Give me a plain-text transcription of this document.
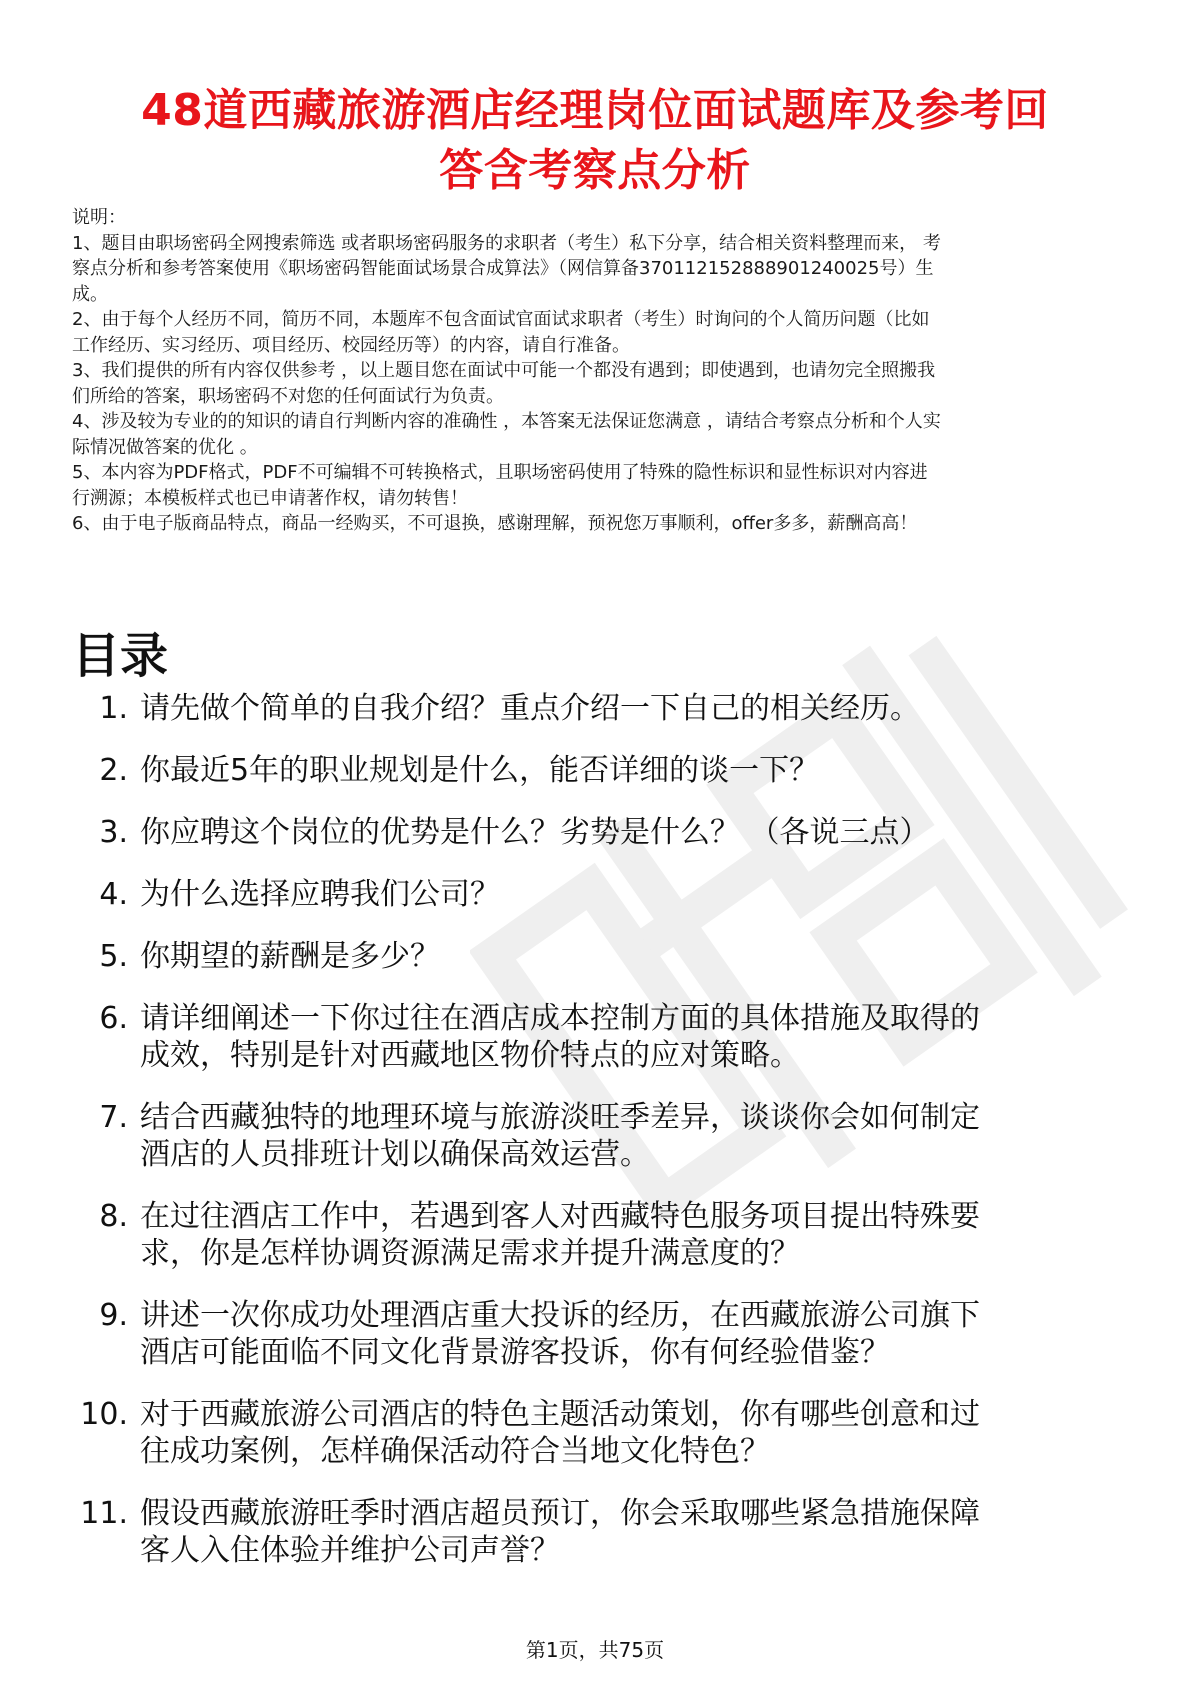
48道西藏旅游酒店经理岗位面试题库及参考回
答含考察点分析

说明：

1、题目由职场密码全网搜索筛选 或者职场密码服务的求职者（考生）私下分享，结合相关资料整理而来， 考

察点分析和参考答案使用《职场密码智能面试场景合成算法》（网信算备370112152888901240025号）生

成。

2、由于每个人经历不同，简历不同，本题库不包含面试官面试求职者（考生）时询问的个人简历问题（比如

工作经历、实习经历、项目经历、校园经历等）的内容，请自行准备。

3、我们提供的所有内容仅供参考 ，以上题目您在面试中可能一个都没有遇到；即使遇到，也请勿完全照搬我

们所给的答案，职场密码不对您的任何面试行为负责。

4、涉及较为专业的的知识的请自行判断内容的准确性 ，本答案无法保证您满意 ，请结合考察点分析和个人实

际情况做答案的优化 。

5、本内容为PDF格式，PDF不可编辑不可转换格式，且职场密码使用了特殊的隐性标识和显性标识对内容进

行溯源；本模板样式也已申请著作权，请勿转售！

6、由于电子版商品特点，商品一经购买，不可退换，感谢理解，预祝您万事顺利，offer多多，薪酬高高！

目录
1. 请先做个简单的自我介绍？重点介绍一下自己的相关经历。
2. 你最近5年的职业规划是什么，能否详细的谈一下？
3. 你应聘这个岗位的优势是什么？劣势是什么？ （各说三点）
4. 为什么选择应聘我们公司？
5. 你期望的薪酬是多少？
6. 请详细阐述一下你过往在酒店成本控制方面的具体措施及取得的
成效，特别是针对西藏地区物价特点的应对策略。
7. 结合西藏独特的地理环境与旅游淡旺季差异，谈谈你会如何制定
酒店的人员排班计划以确保高效运营。
8. 在过往酒店工作中，若遇到客人对西藏特色服务项目提出特殊要
求，你是怎样协调资源满足需求并提升满意度的？
9. 讲述一次你成功处理酒店重大投诉的经历，在西藏旅游公司旗下
酒店可能面临不同文化背景游客投诉，你有何经验借鉴？
10. 对于西藏旅游公司酒店的特色主题活动策划，你有哪些创意和过
往成功案例，怎样确保活动符合当地文化特色？
11. 假设西藏旅游旺季时酒店超员预订，你会采取哪些紧急措施保障
客人入住体验并维护公司声誉？
第1页，共75页
